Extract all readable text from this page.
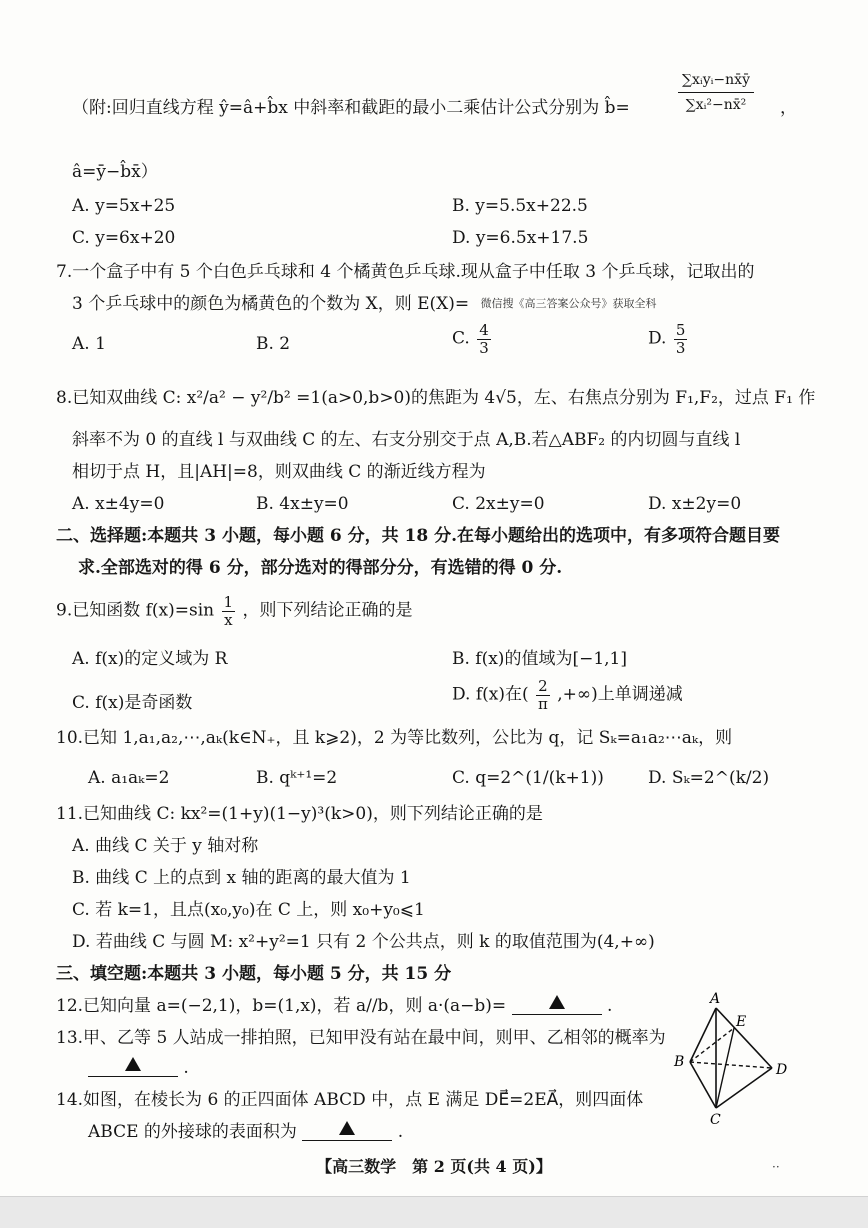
（附:回归直线方程 ŷ=â+b̂x 中斜率和截距的最小二乘估计公式分别为 b̂=
∑xᵢyᵢ−nx̄ȳ
∑xᵢ²−nx̄²	，
â=ȳ−b̂x̄）
A. y=5x+25	B. y=5.5x+22.5
C. y=6x+20	D. y=6.5x+17.5
7.一个盒子中有 5 个白色乒乓球和 4 个橘黄色乒乓球.现从盒子中任取 3 个乒乓球，记取出的
3 个乒乓球中的颜色为橘黄色的个数为 X，则 E(X)= 微信搜《高三答案公众号》获取全科
A. 1	B. 2	C. $\frac{4}{3}$	D. $\frac{5}{3}$
8.已知双曲线 C: x²/a² − y²/b² =1(a>0,b>0)的焦距为 4√5，左、右焦点分别为 F₁,F₂，过点 F₁ 作
斜率不为 0 的直线 l 与双曲线 C 的左、右支分别交于点 A,B.若△ABF₂ 的内切圆与直线 l
相切于点 H，且|AH|=8，则双曲线 C 的渐近线方程为
A. x±4y=0	B. 4x±y=0	C. 2x±y=0	D. x±2y=0
二、选择题:本题共 3 小题，每小题 6 分，共 18 分.在每小题给出的选项中，有多项符合题目要
求.全部选对的得 6 分，部分选对的得部分分，有选错的得 0 分.
9.已知函数 $f(x)=\sin \frac{1}{x}$ ，则下列结论正确的是
A. f(x)的定义域为 R	B. f(x)的值域为[−1,1]
C. f(x)是奇函数	D. f(x)在( $\frac{2}{\pi}$ ,+∞)上单调递减
10.已知 1,a₁,a₂,⋯,aₖ(k∈N₊，且 k⩾2)，2 为等比数列，公比为 q，记 Sₖ=a₁a₂⋯aₖ，则
A. a₁aₖ=2	B. qᵏ⁺¹=2	C. q=2^(1/(k+1))	D. Sₖ=2^(k/2)
11.已知曲线 C: kx²=(1+y)(1−y)³(k>0)，则下列结论正确的是
A. 曲线 C 关于 y 轴对称
B. 曲线 C 上的点到 x 轴的距离的最大值为 1
C. 若 k=1，且点(x₀,y₀)在 C 上，则 x₀+y₀⩽1
D. 若曲线 C 与圆 M: x²+y²=1 只有 2 个公共点，则 k 的取值范围为(4,+∞)
三、填空题:本题共 3 小题，每小题 5 分，共 15 分
12.已知向量 a=(−2,1)，b=(1,x)，若 a//b，则 a·(a−b)=	.
13.甲、乙等 5 人站成一排拍照，已知甲没有站在最中间，则甲、乙相邻的概率为
.
14.如图，在棱长为 6 的正四面体 ABCD 中，点 E 满足 DE⃗=2EA⃗，则四面体
ABCE 的外接球的表面积为	.
A
E
B	D
C
【高三数学　第 2 页(共 4 页)】	··
